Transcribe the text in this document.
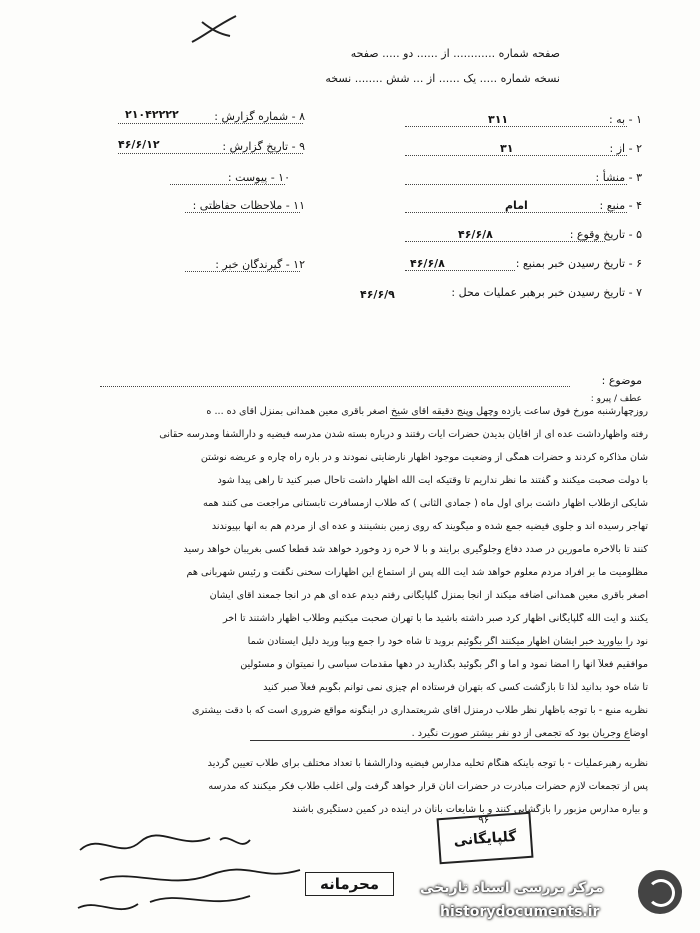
صفحه شماره ............ از ...... دو ..... صفحه
نسخه شماره ..... یک ...... از ... شش ........ نسخه
۱ - به :
۳۱۱
۲ - از :
۳۱
۳ - منشأ :
۴ - منبع :
امام
۵ - تاریخ وقوع :
۴۶/۶/۸
۶ - تاریخ رسیدن خبر بمنبع :
۴۶/۶/۸
۷ - تاریخ رسیدن خبر برهبر عملیات محل :
۴۶/۶/۹
۸ - شماره گزارش :
۲۱۰۴۲۲۲۲
۹ - تاریخ گزارش :
۴۶/۶/۱۲
۱۰ - پیوست :
۱۱ - ملاحظات حفاظتی :
۱۲ - گیرندگان خبر :
موضوع :
عطف / پیرو :
روزچهارشنبه مورخ فوق ساعت یازده وچهل وپنج دقیقه آقای شیخ اصغر باقری معین همدانی بمنزل آقای ده ... ه
رفته واظهارداشت عده ای از آقایان بدیدن حضرات آیات رفتند و درباره بسته شدن مدرسه فیضیه و دارالشفا ومدرسه حقانی
شان مذاکره کردند و حضرات همگی از وضعیت موجود اظهار نارضایتی نمودند و در باره راه چاره و عریضه نوشتن
با دولت صحبت میکنند و گفتند ما نظر نداریم تا وقتیکه آیت الله اظهار داشت تاحال صبر کنید تا راهی پیدا شود
شایکی ازطلاب اظهار داشت برای اول ماه ( جمادی الثانی ) که طلاب ازمسافرت تابستانی مراجعت می کنند همه
تهاجر رسیده اند و جلوی فیضیه جمع شده و میگویند که روی زمین بنشینند و عده ای از مردم هم به آنها بپیوندند
کنند تا بالاخره مأمورین در صدد دفاع وجلوگیری برآیند و با لا خره زد وخورد خواهد شد قطعاً کسی بغریبان خواهد رسید
مظلومیت ما بر افراد مردم معلوم خواهد شد آیت الله پس از استماع این اظهارات سخنی نگفت و رئیس شهربانی هم
اصغر باقری معین همدانی اضافه میکند از آنجا بمنزل گلپایگانی رفتم دیدم عده ای هم در آنجا جمعند آقای ایشان
یکنند و آیت الله گلپایگانی اظهار کرد صبر داشته باشید ما با تهران صحبت میکنیم وطلاب اظهار داشتند تا آخر
نود را بیاورید خبر ایشان اظهار میکنند اگر بگوئیم بروید تا شاه خود را جمع وبیا ورید دلیل ایستادن شما
موافقیم فعلاً آنها را امضا نمود و اما و اگر بگوئید بگذارید در دهها مقدمات سیاسی را نمیتوان و مسئولین
تا شاه خود بدانید لذا تا بازگشت کسی که بتهران فرستاده ام چیزی نمی توانم بگویم فعلاً صبر کنید
نظریه منبع - با توجه باظهار نظر طلاب درمنزل آقای شریعتمداری در اینگونه مواقع ضروری است که با دقت بیشتری
اوضاع وجریان بود که تجمعی از دو نفر بیشتر صورت نگیرد .
نظریه رهبرعملیات - با توجه باینکه هنگام تخلیه مدارس فیضیه ودارالشفا با تعداد مختلف برای طلاب تعیین گردید
پس از تجمعات لازم حضرات مبادرت در حضرات آنان قرار خواهد گرفت ولی اغلب طلاب فکر میکنند که مدرسه
و بیاره مدارس مزبور را بازگشایی کنند و با شایعات بآنان در آینده در کمین دستگیری باشند
۹۶
گلپایگانی
محرمانه	مرکز بررسی اسناد تاریخی
historydocuments.ir
